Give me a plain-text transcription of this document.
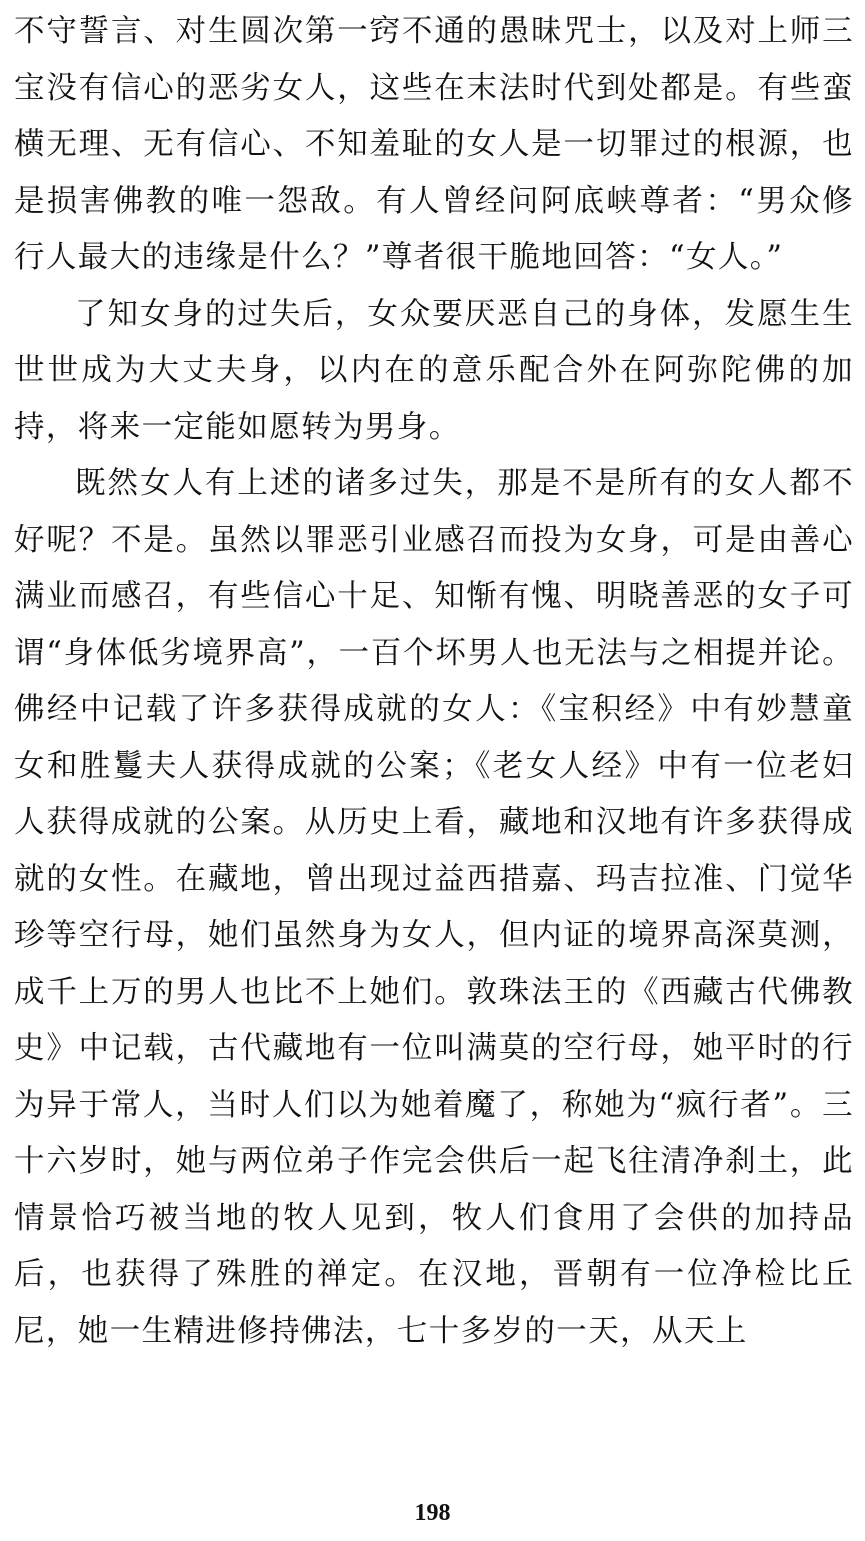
不守誓言、对生圆次第一窍不通的愚昧咒士，以及对上师三宝没有信心的恶劣女人，这些在末法时代到处都是。有些蛮横无理、无有信心、不知羞耻的女人是一切罪过的根源，也是损害佛教的唯一怨敌。有人曾经问阿底峡尊者：“男众修行人最大的违缘是什么？”尊者很干脆地回答：“女人。”

了知女身的过失后，女众要厌恶自己的身体，发愿生生世世成为大丈夫身，以内在的意乐配合外在阿弥陀佛的加持，将来一定能如愿转为男身。

既然女人有上述的诸多过失，那是不是所有的女人都不好呢？不是。虽然以罪恶引业感召而投为女身，可是由善心满业而感召，有些信心十足、知惭有愧、明晓善恶的女子可谓“身体低劣境界高”，一百个坏男人也无法与之相提并论。佛经中记载了许多获得成就的女人：《宝积经》中有妙慧童女和胜鬘夫人获得成就的公案；《老女人经》中有一位老妇人获得成就的公案。从历史上看，藏地和汉地有许多获得成就的女性。在藏地，曾出现过益西措嘉、玛吉拉准、门觉华珍等空行母，她们虽然身为女人，但内证的境界高深莫测，成千上万的男人也比不上她们。敦珠法王的《西藏古代佛教史》中记载，古代藏地有一位叫满莫的空行母，她平时的行为异于常人，当时人们以为她着魔了，称她为“疯行者”。三十六岁时，她与两位弟子作完会供后一起飞往清净刹土，此情景恰巧被当地的牧人见到，牧人们食用了会供的加持品后，也获得了殊胜的禅定。在汉地，晋朝有一位净检比丘尼，她一生精进修持佛法，七十多岁的一天，从天上

198
